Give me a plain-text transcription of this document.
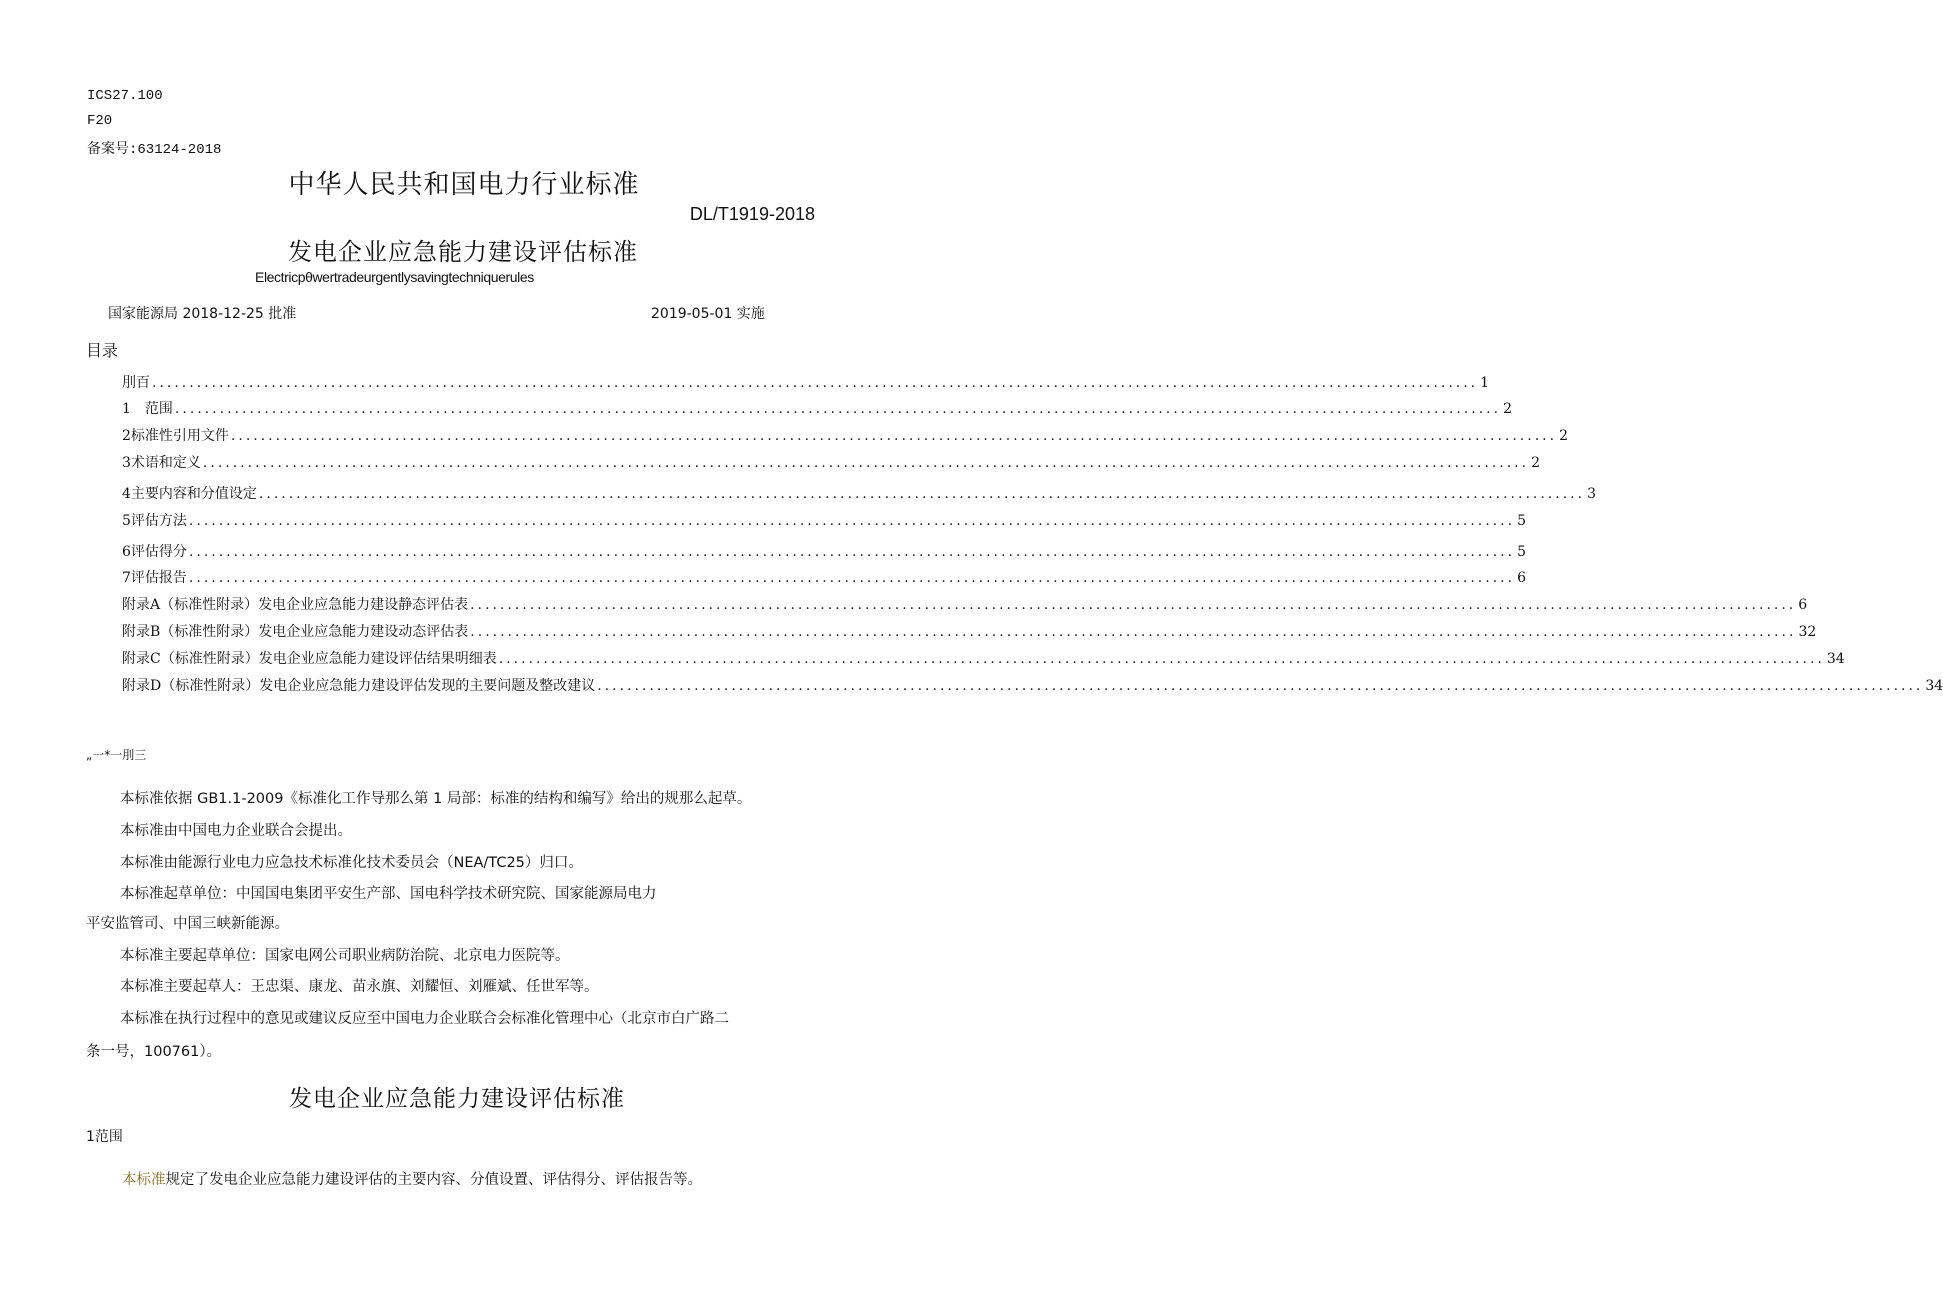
ICS27.100
F20
备案号:63124-2018
中华人民共和国电力行业标准
DL/T1919-2018
发电企业应急能力建设评估标准
Electricpθwertradeurgentlysavingtechniquerules
国家能源局 2018-12-25 批准	2019-05-01 实施
目录
刖百 .................................................................................................................................................................................. 1
1　范围 .................................................................................................................................................................................. 2
2标准性引用文件 .................................................................................................................................................................................. 2
3术语和定义 .................................................................................................................................................................................. 2
4主要内容和分值设定 .................................................................................................................................................................................. 3
5评估方法 .................................................................................................................................................................................. 5
6评估得分 .................................................................................................................................................................................. 5
7评估报告 .................................................................................................................................................................................. 6
附录A（标准性附录）发电企业应急能力建设静态评估表 .................................................................................................................................................................................. 6
附录B（标准性附录）发电企业应急能力建设动态评估表 .................................................................................................................................................................................. 32
附录C（标准性附录）发电企业应急能力建设评估结果明细表 .................................................................................................................................................................................. 34
附录D（标准性附录）发电企业应急能力建设评估发现的主要问题及整改建议 .................................................................................................................................................................................. 34
„一*一刖三
本标准依据 GB1.1-2009《标准化工作导那么第 1 局部：标准的结构和编写》给出的规那么起草。
本标准由中国电力企业联合会提出。
本标准由能源行业电力应急技术标准化技术委员会（NEA/TC25）归口。
本标准起草单位：中国国电集团平安生产部、国电科学技术研究院、国家能源局电力
平安监管司、中国三峡新能源。
本标准主要起草单位：国家电网公司职业病防治院、北京电力医院等。
本标准主要起草人：王忠渠、康龙、苗永旗、刘耀恒、刘雁斌、任世军等。
本标准在执行过程中的意见或建议反应至中国电力企业联合会标准化管理中心（北京市白广路二
条一号，100761）。
发电企业应急能力建设评估标准
1范围
本标准规定了发电企业应急能力建设评估的主要内容、分值设置、评估得分、评估报告等。
